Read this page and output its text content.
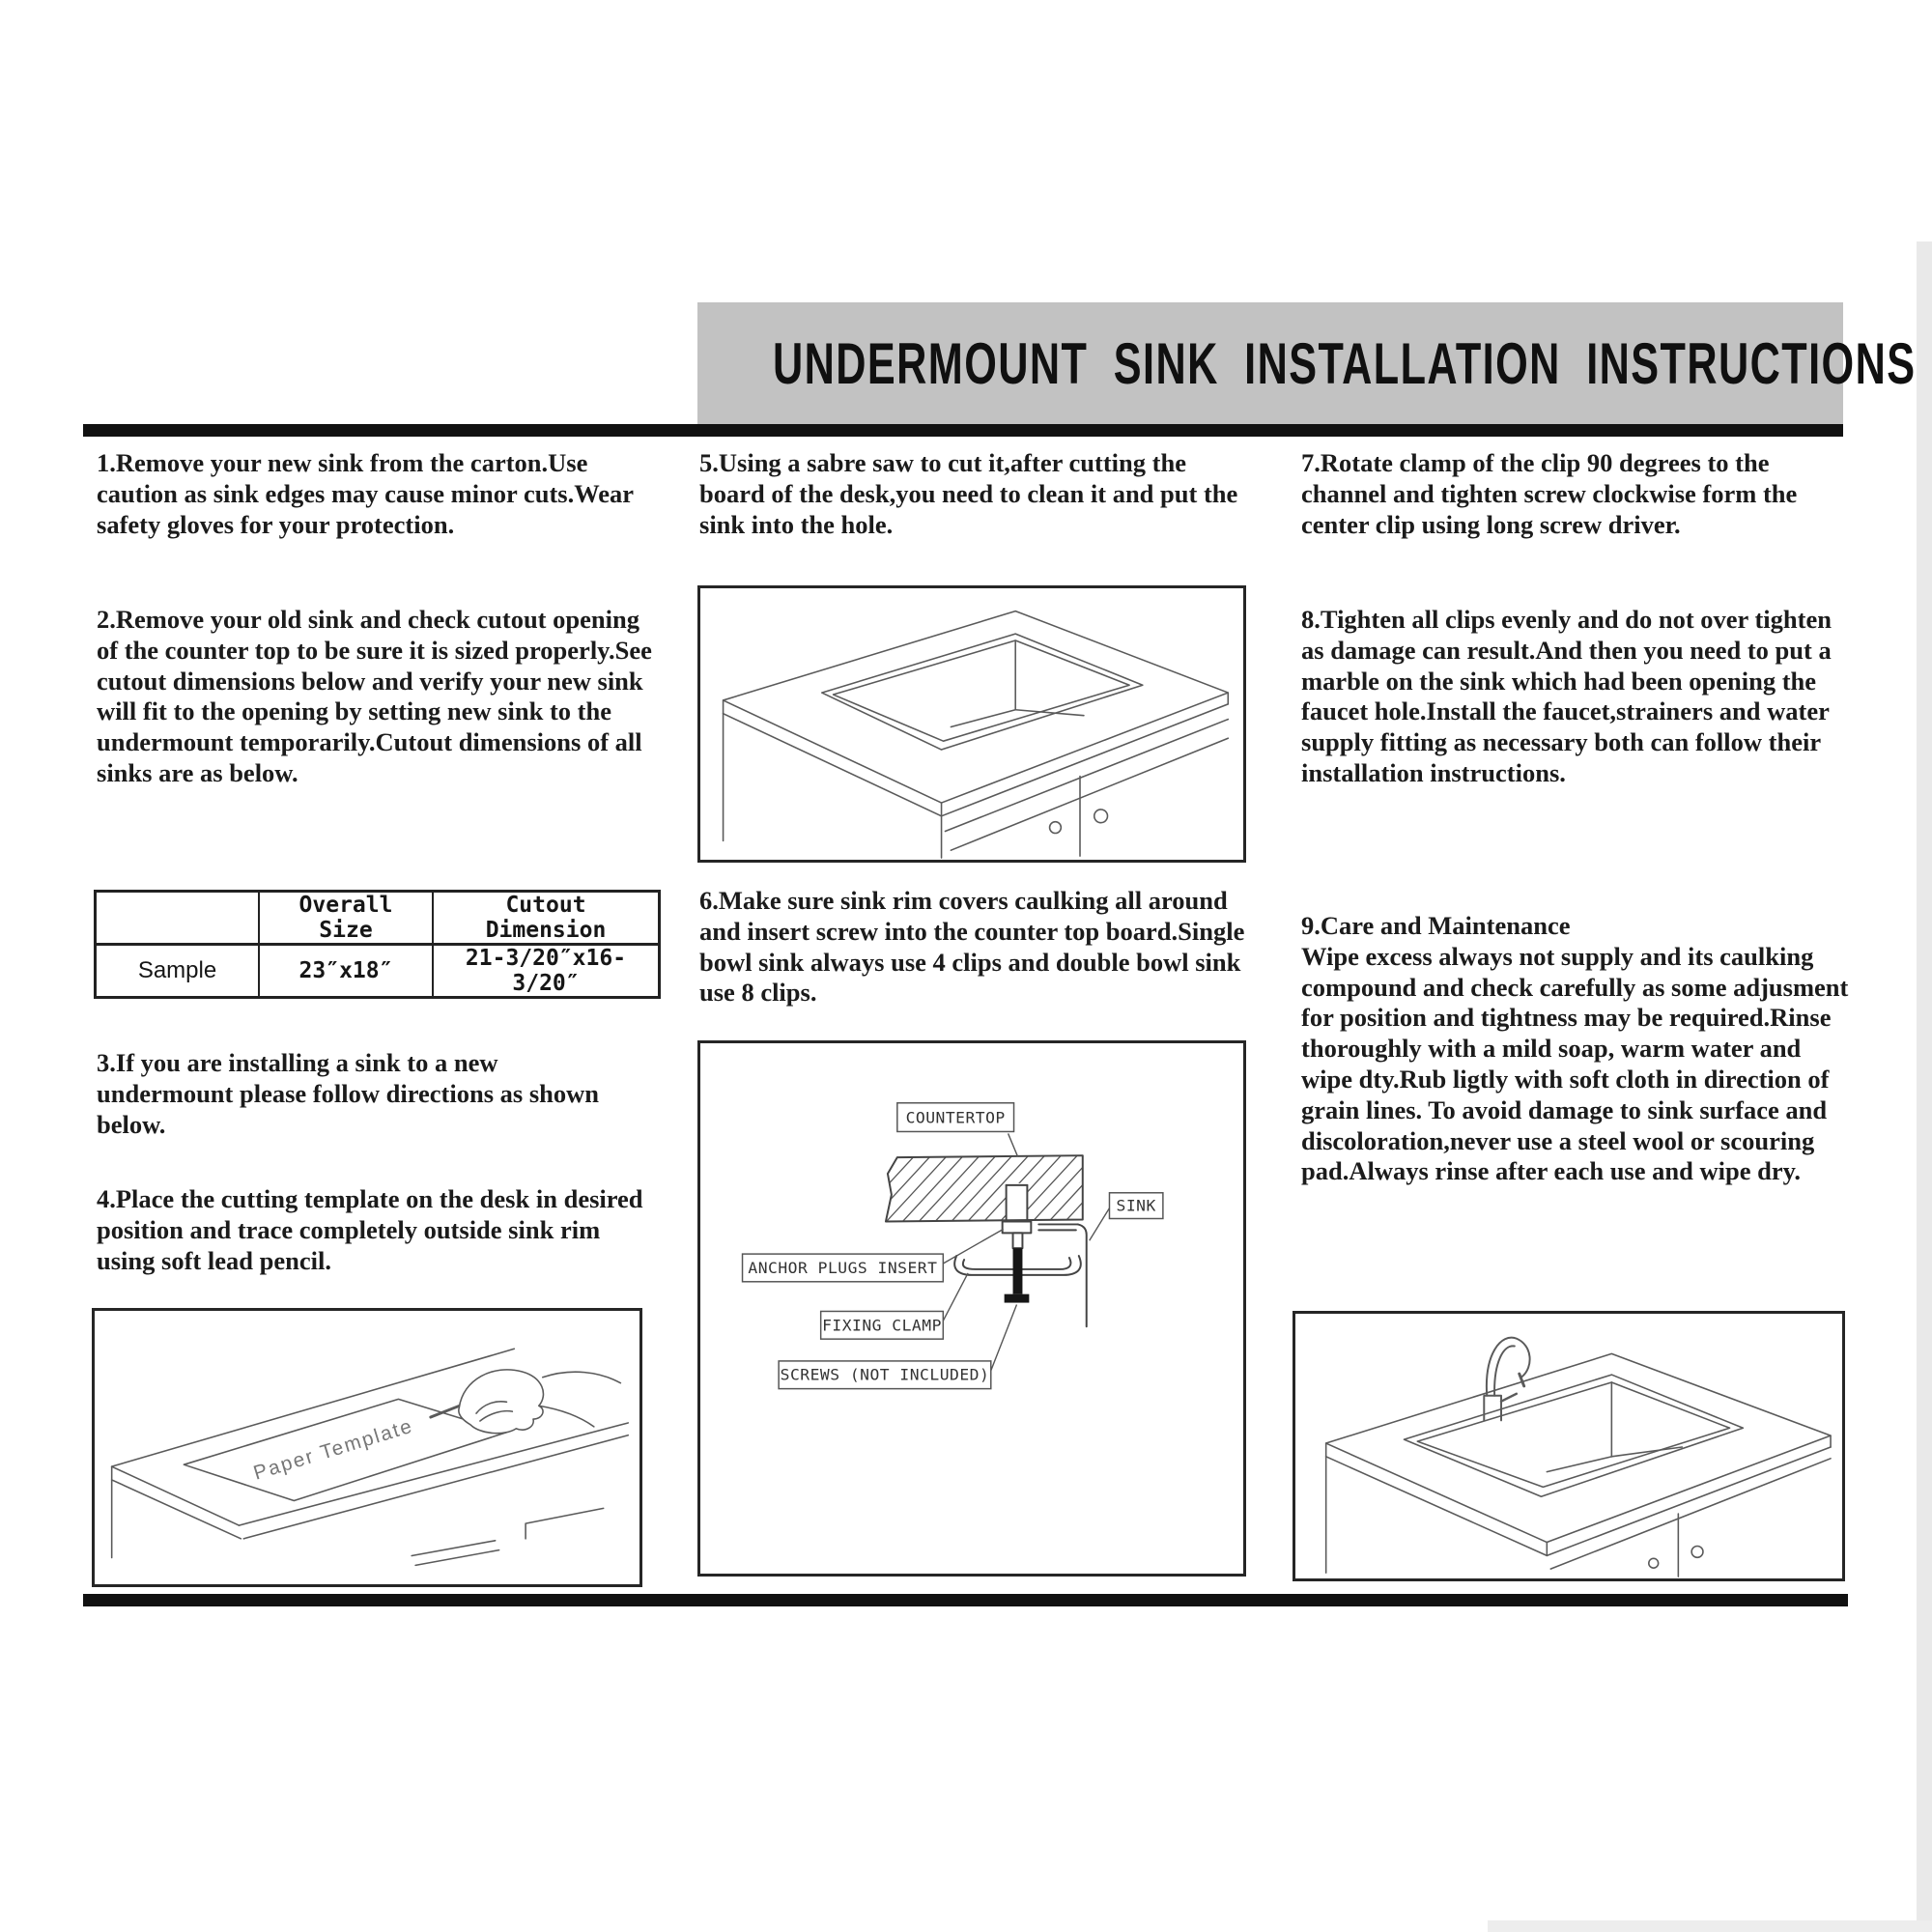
UNDERMOUNT SINK INSTALLATION INSTRUCTIONS

1.Remove your new sink from the carton.Use caution as sink edges may cause minor cuts.Wear safety gloves for your protection.

2.Remove your old sink and check cutout opening of the counter top to be sure it is sized properly.See cutout dimensions below and verify your new sink will fit to the opening by setting new sink to the undermount temporarily.Cutout dimensions of all sinks are as below.

	Overall Size	Cutout Dimension
Sample	23″x18″	21-3/20″x16-3/20″

3.If you are installing a sink to a new undermount please follow directions as shown below.

4.Place the cutting template on the desk in desired position and trace completely outside sink rim using soft lead pencil.

Paper Template

5.Using a sabre saw to cut it,after cutting the board of the desk,you need to clean it and put the sink into the hole.

6.Make sure sink rim covers caulking all around and insert screw into the counter top board.Single bowl sink always use 4 clips and double bowl sink use 8 clips.

COUNTERTOP
SINK
ANCHOR PLUGS INSERT
FIXING CLAMP
SCREWS (NOT INCLUDED)

7.Rotate clamp of the clip 90 degrees to the channel and tighten screw clockwise form the center clip using long screw driver.

8.Tighten all clips evenly and do not over tighten as damage can result.And then you need to put a marble on the sink which had been opening the faucet hole.Install the faucet,strainers and water supply fitting as necessary both can follow their installation instructions.

9.Care and Maintenance
Wipe excess always not supply and its caulking compound and check carefully as some adjusment for position and tightness may be required.Rinse thoroughly with a mild soap, warm water and wipe dty.Rub ligtly with soft cloth in direction of grain lines. To avoid damage to sink surface and discoloration,never use a steel wool or scouring pad.Always rinse after each use and wipe dry.
